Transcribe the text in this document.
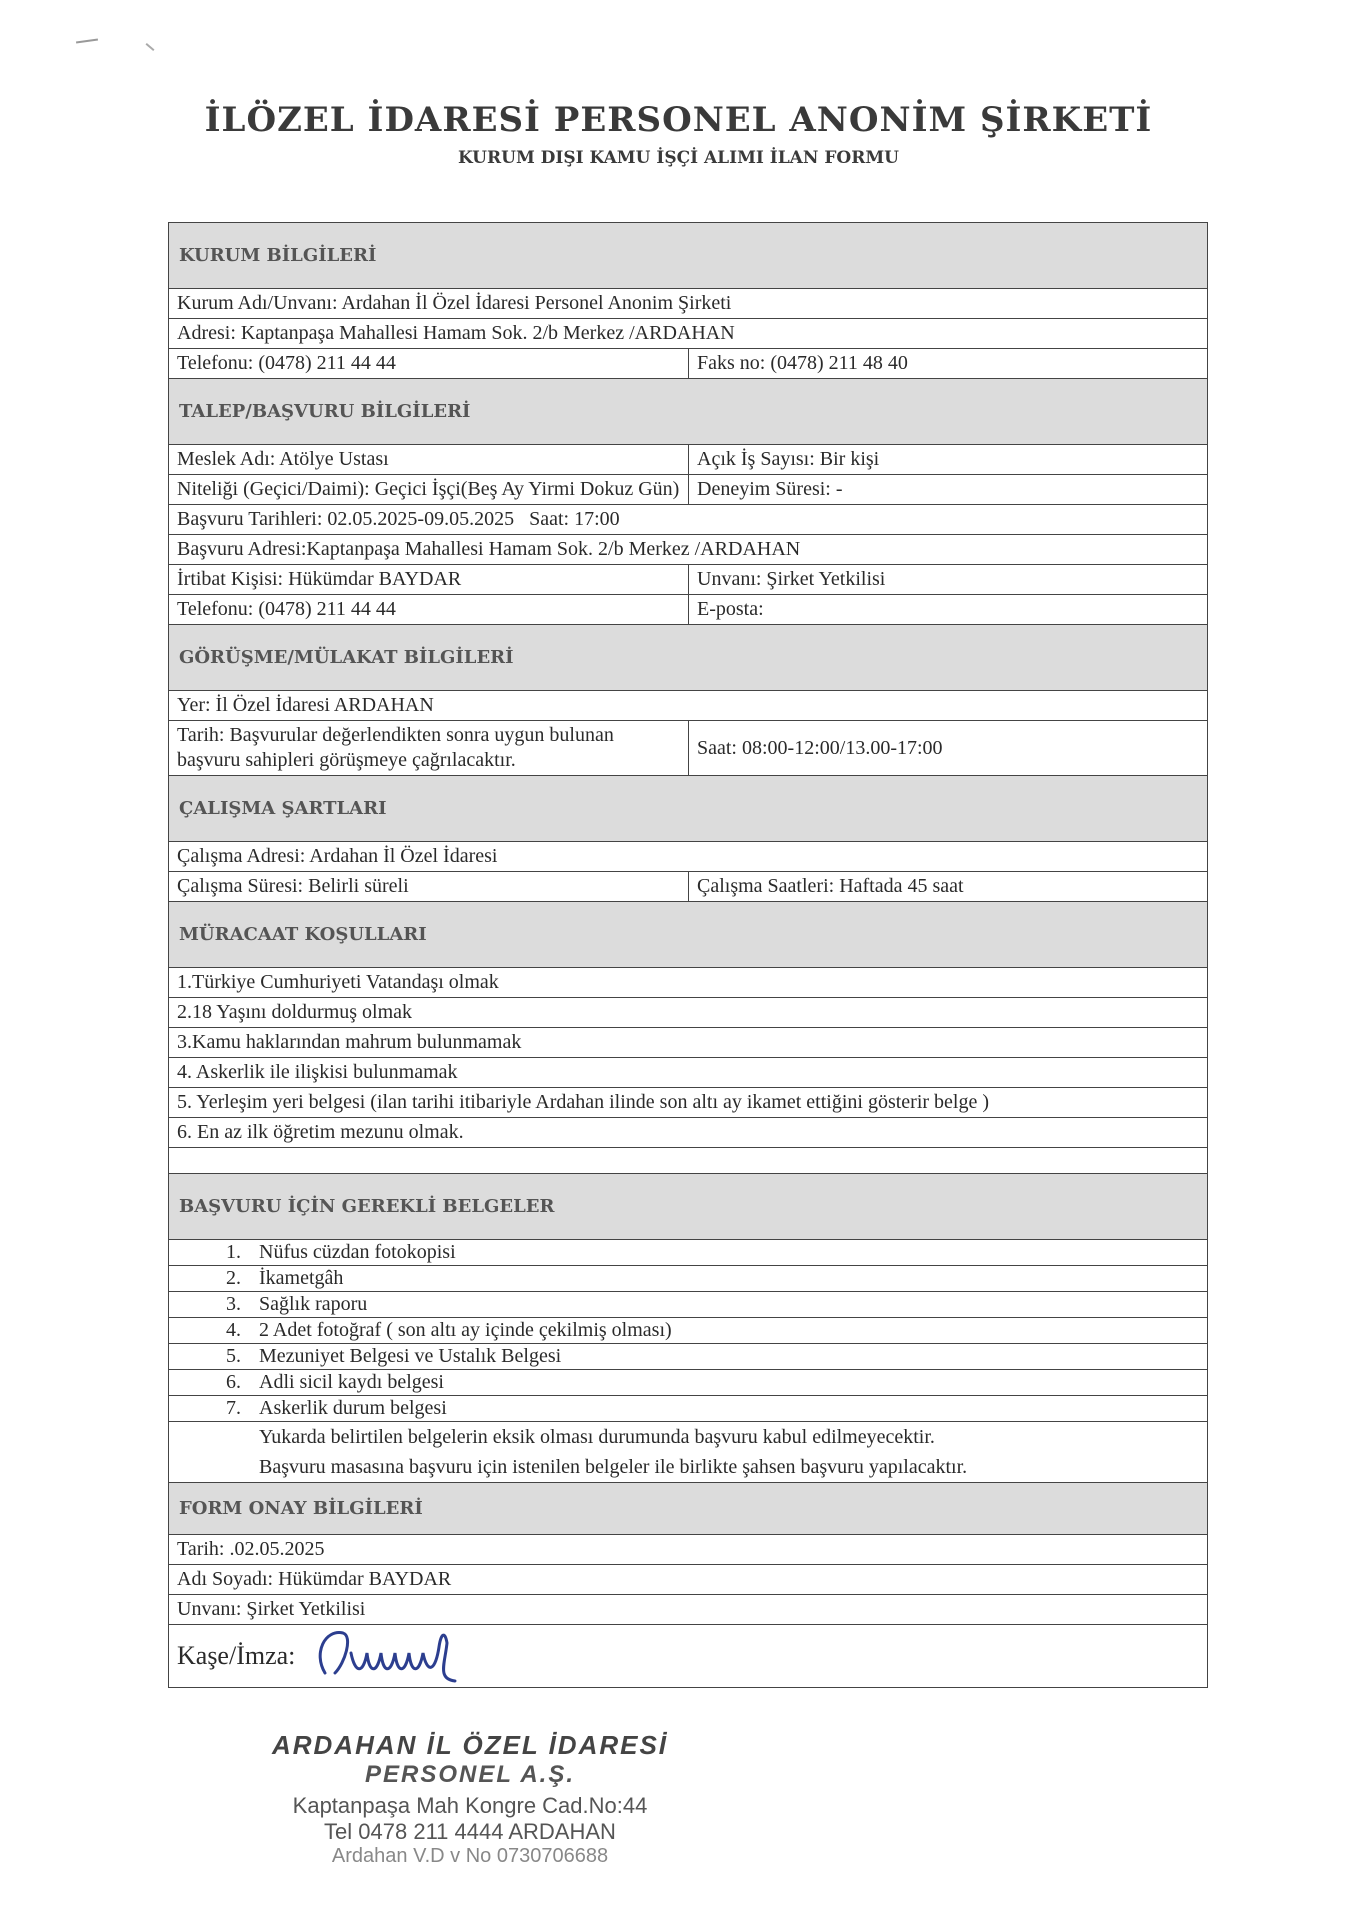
İLÖZEL İDARESİ PERSONEL ANONİM ŞİRKETİ
KURUM DIŞI KAMU İŞÇİ ALIMI İLAN FORMU
KURUM BİLGİLERİ
Kurum Adı/Unvanı: Ardahan İl Özel İdaresi Personel Anonim Şirketi
Adresi: Kaptanpaşa Mahallesi Hamam Sok. 2/b Merkez /ARDAHAN
Telefonu: (0478) 211 44 44	Faks no: (0478) 211 48 40
TALEP/BAŞVURU BİLGİLERİ
Meslek Adı: Atölye Ustası	Açık İş Sayısı: Bir kişi
Niteliği (Geçici/Daimi): Geçici İşçi(Beş Ay Yirmi Dokuz Gün) Deneyim Süresi: -
Başvuru Tarihleri: 02.05.2025-09.05.2025   Saat: 17:00
Başvuru Adresi:Kaptanpaşa Mahallesi Hamam Sok. 2/b Merkez /ARDAHAN
İrtibat Kişisi: Hükümdar BAYDAR	Unvanı: Şirket Yetkilisi
Telefonu: (0478) 211 44 44	E-posta:
GÖRÜŞME/MÜLAKAT BİLGİLERİ
Yer: İl Özel İdaresi ARDAHAN
Tarih: Başvurular değerlendikten sonra uygun bulunan başvuru sahipleri görüşmeye çağrılacaktır.
Saat: 08:00-12:00/13.00-17:00
ÇALIŞMA ŞARTLARI
Çalışma Adresi: Ardahan İl Özel İdaresi
Çalışma Süresi: Belirli süreli	Çalışma Saatleri: Haftada 45 saat
MÜRACAAT KOŞULLARI
1.Türkiye Cumhuriyeti Vatandaşı olmak
2.18 Yaşını doldurmuş olmak
3.Kamu haklarından mahrum bulunmamak
4. Askerlik ile ilişkisi bulunmamak
5. Yerleşim yeri belgesi (ilan tarihi itibariyle Ardahan ilinde son altı ay ikamet ettiğini gösterir belge )
6. En az ilk öğretim mezunu olmak.
BAŞVURU İÇİN GEREKLİ BELGELER
1. Nüfus cüzdan fotokopisi
2. İkametgâh
3. Sağlık raporu
4. 2 Adet fotoğraf ( son altı ay içinde çekilmiş olması)
5. Mezuniyet Belgesi ve Ustalık Belgesi
6. Adli sicil kaydı belgesi
7. Askerlik durum belgesi
Yukarda belirtilen belgelerin eksik olması durumunda başvuru kabul edilmeyecektir.
Başvuru masasına başvuru için istenilen belgeler ile birlikte şahsen başvuru yapılacaktır.
FORM ONAY BİLGİLERİ
Tarih: .02.05.2025
Adı Soyadı: Hükümdar BAYDAR
Unvanı: Şirket Yetkilisi
Kaşe/İmza:
ARDAHAN İL ÖZEL İDARESİ
PERSONEL A.Ş.
Kaptanpaşa Mah Kongre Cad.No:44
Tel 0478 211 4444 ARDAHAN
Ardahan V.D v No 0730706688
